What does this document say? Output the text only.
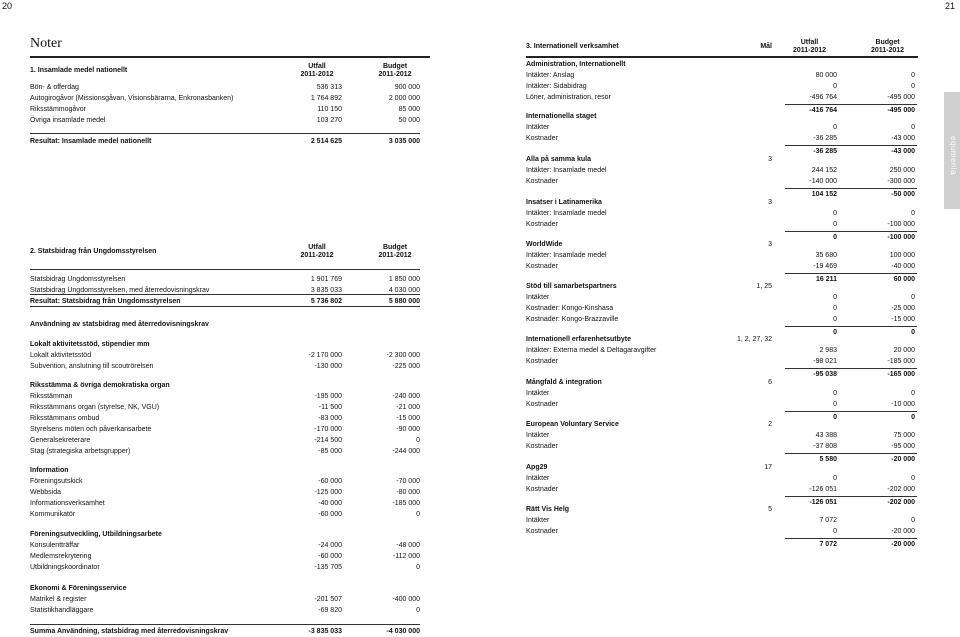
20	21
Noter
equmenia
1. Insamlade medel nationellt
Utfall
2011-2012
Budget
2011-2012
Bön- & offerdag	536 313	900 000
Autogirogåvor (Missionsgåvan, Visionsbärarna, Enkronasbanken)	1 764 892	2 000 000
Riksstämmogåvor	110 150	85 000
Övriga insamlade medel	103 270	50 000
Resultat: Insamlade medel nationellt	2 514 625	3 035 000
2. Statsbidrag från Ungdomsstyrelsen
Utfall
2011-2012
Budget
2011-2012
Statsbidrag Ungdomsstyrelsen	1 901 769	1 850 000
Statsbidrag Ungdomsstyrelsen, med återredovisningskrav	3 835 033	4 030 000
Resultat: Statsbidrag från Ungdomsstyrelsen	5 736 802	5 880 000
Användning av statsbidrag med återredovisningskrav
Lokalt aktivitetsstöd, stipendier mm
Lokalt aktivitetsstöd	-2 170 000	-2 300 000
Subvention, anslutning till scoutrörelsen	-130 000	-225 000
Riksstämma & övriga demokratiska organ
Riksstämman	-195 000	-240 000
Riksstämmans organ (styrelse, NK, VGU)	-11 500	-21 000
Riksstämmans ombud	-83 000	-15 000
Styrelsens möten och påverkansarbete	-170 000	-90 000
Generalsekreterare	-214 500	0
Stag (strategiska arbetsgrupper)	-85 000	-244 000
Information
Föreningsutskick	-60 000	-70 000
Webbsida	-125 000	-80 000
Informationsverksamhet	-40 000	-185 000
Kommunikatör	-60 000	0
Föreningsutveckling, Utbildningsarbete
Konsulentträffar	-24 000	-48 000
Medlemsrekrytering	-60 000	-112 000
Utbildningskoordinator	-135 705	0
Ekonomi & Föreningsservice
Matrikel & register	-201 507	-400 000
Statistikhandläggare	-69 820	0
Summa Användning, statsbidrag med återredovisningskrav	-3 835 033	-4 030 000
3. Internationell verksamhet	Mål
Utfall
2011-2012
Budget
2011-2012
Administration, Internationellt
Intäkter: Anslag	80 000	0
Intäkter: Sidabidrag	0	0
Löner, administration, resor	-496 764	-495 000
-416 764	-495 000
Internationella staget
Intäkter	0	0
Kostnader	-36 285	-43 000
-36 285	-43 000
Alla på samma kula	3
Intäkter: Insamlade medel	244 152	250 000
Kostnader	-140 000	-300 000
104 152	-50 000
Insatser i Latinamerika	3
Intäkter: Insamlade medel	0	0
Kostnader	0	-100 000
0	-100 000
WorldWide	3
Intäkter: Insamlade medel	35 680	100 000
Kostnader	-19 469	-40 000
16 211	60 000
Stöd till samarbetspartners	1, 25
Intäkter	0	0
Kostnader: Kongo-Kinshasa	0	-25 000
Kostnader: Kongo-Brazzaville	0	-15 000
0	0
Internationell erfarenhetsutbyte	1, 2, 27, 32
Intäkter: Externa medel & Deltagaravgifter	2 983	20 000
Kostnader	-98 021	-185 000
-95 038	-165 000
Mångfald & integration	6
Intäkter	0	0
Kostnader	0	-10 000
0	0
European Voluntary Service	2
Intäkter	43 388	75 000
Kostnader	-37 808	-95 000
5 580	-20 000
Apg29	17
Intäkter	0	0
Kostnader	-126 051	-202 000
-126 051	-202 000
Rätt Vis Helg	5
Intäkter	7 072	0
Kostnader	0	-20 000
7 072	-20 000
